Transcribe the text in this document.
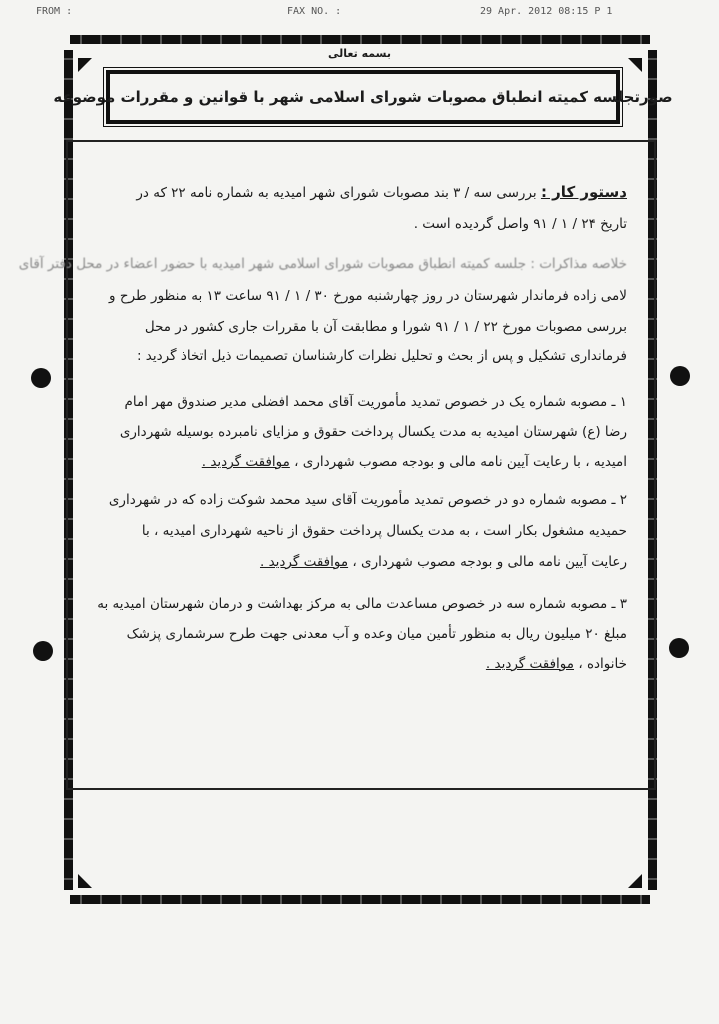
FROM :	FAX NO. :	29 Apr. 2012 08:15 P 1
بسمه تعالی
صورتجلسه کمیته انطباق مصوبات شورای اسلامی شهر با قوانین و مقررات موضوعه
دستور کار : بررسی سه / ۳ بند مصوبات شورای شهر امیدیه به شماره نامه ۲۲ که در
تاریخ ۲۴ / ۱ / ۹۱ واصل گردیده است .
خلاصه مذاکرات : جلسه کمیته انطباق مصوبات شورای اسلامی شهر امیدیه با حضور اعضاء در محل دفتر آقای
لامی زاده فرماندار شهرستان در روز چهارشنبه مورخ ۳۰ / ۱ / ۹۱ ساعت ۱۳ به منظور طرح و
بررسی مصوبات مورخ ۲۲ / ۱ / ۹۱ شورا و مطابقت آن با مقررات جاری کشور در محل
فرمانداری تشکیل و پس از بحث و تحلیل نظرات کارشناسان تصمیمات ذیل اتخاذ گردید :
۱ ـ مصوبه شماره یک در خصوص تمدید مأموریت آقای محمد افضلی مدیر صندوق مهر امام
رضا (ع) شهرستان امیدیه به مدت یکسال پرداخت حقوق و مزایای نامبرده بوسیله شهرداری
امیدیه ، با رعایت آیین نامه مالی و بودجه مصوب شهرداری ، موافقت گردید .
۲ ـ مصوبه شماره دو در خصوص تمدید مأموریت آقای سید محمد شوکت زاده که در شهرداری
حمیدیه مشغول بکار است ، به مدت یکسال پرداخت حقوق از ناحیه شهرداری امیدیه ، با
رعایت آیین نامه مالی و بودجه مصوب شهرداری ، موافقت گردید .
۳ ـ مصوبه شماره سه در خصوص مساعدت مالی به مرکز بهداشت و درمان شهرستان امیدیه به
مبلغ ۲۰ میلیون ریال به منظور تأمین میان وعده و آب معدنی جهت طرح سرشماری پزشک
خانواده ، موافقت گردید .
